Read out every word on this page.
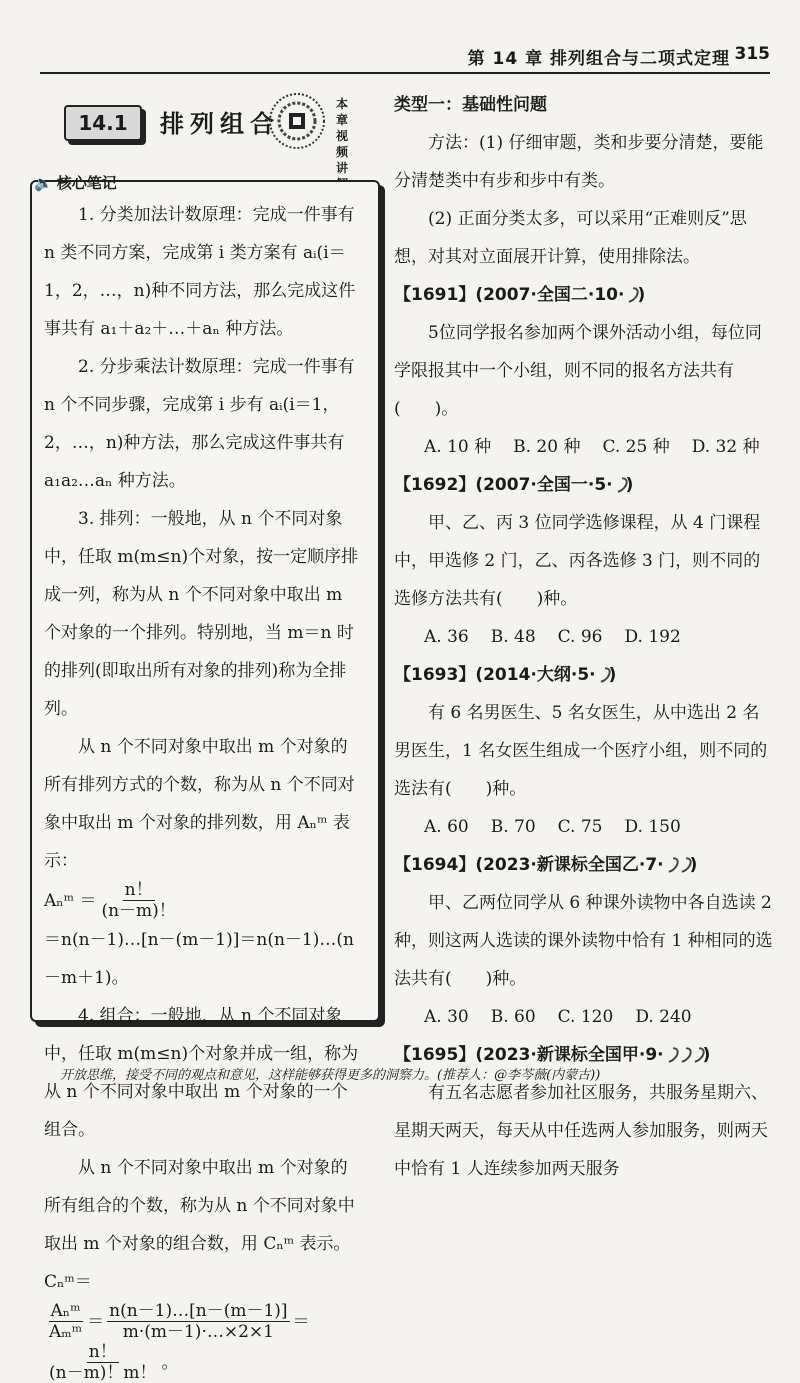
第 14 章 排列组合与二项式定理 315
14.1	排列组合
本章
视频
讲
🔈 核心笔记

1. 分类加法计数原理：完成一件事有 n 类不同方案，完成第 i 类方案有 aᵢ(i＝1，2，…，n)种不同方法，那么完成这件事共有 a₁＋a₂＋…＋aₙ 种方法。

2. 分步乘法计数原理：完成一件事有 n 个不同步骤，完成第 i 步有 aᵢ(i＝1，2，…，n)种方法，那么完成这件事共有 a₁a₂…aₙ 种方法。

3. 排列：一般地，从 n 个不同对象中，任取 m(m≤n)个对象，按一定顺序排成一列，称为从 n 个不同对象中取出 m 个对象的一个排列。特别地，当 m＝n 时的排列(即取出所有对象的排列)称为全排列。

从 n 个不同对象中取出 m 个对象的所有排列方式的个数，称为从 n 个不同对象中取出 m 个对象的排列数，用 Aₙᵐ 表示：

Aₙᵐ ＝ $\frac{n!}{(n-m)!}$
＝n(n－1)…[n－(m－1)]＝n(n－1)…(n－m＋1)。

4. 组合：一般地，从 n 个不同对象中，任取 m(m≤n)个对象并成一组，称为从 n 个不同对象中取出 m 个对象的一个组合。

从 n 个不同对象中取出 m 个对象的所有组合的个数，称为从 n 个不同对象中取出 m 个对象的组合数，用 Cₙᵐ 表示。Cₙᵐ＝

$\frac{\text{Aₙᵐ}}{\text{Aₘᵐ}} = \frac{n(n-1)\dots[n-(m-1)]}{m\cdot(m-1)\cdot\dots\times 2\times 1}$ ＝
$\frac{n!}{(n-m)!m!}$ 。

类型一：基础性问题

方法：(1) 仔细审题，类和步要分清楚，要能分清楚类中有步和步中有类。

(2) 正面分类太多，可以采用“正难则反”思想，对其对立面展开计算，使用排除法。

【1691】(2007·全国二·10· )

5位同学报名参加两个课外活动小组，每位同学限报其中一个小组，则不同的报名方法共有(　　)。

A. 10 种 B. 20 种 C. 25 种 D. 32 种

【1692】(2007·全国一·5· )

甲、乙、丙 3 位同学选修课程，从 4 门课程中，甲选修 2 门，乙、丙各选修 3 门，则不同的选修方法共有(　　)种。

A. 36 B. 48 C. 96 D. 192

【1693】(2014·大纲·5· )

有 6 名男医生、5 名女医生，从中选出 2 名男医生，1 名女医生组成一个医疗小组，则不同的选法有(　　)种。

A. 60 B. 70 C. 75 D. 150

【1694】(2023·新课标全国乙·7· )

甲、乙两位同学从 6 种课外读物中各自选读 2 种，则这两人选读的课外读物中恰有 1 种相同的选法共有(　　)种。

A. 30 B. 60 C. 120 D. 240

【1695】(2023·新课标全国甲·9· )

有五名志愿者参加社区服务，共服务星期六、星期天两天，每天从中任选两人参加服务，则两天中恰有 1 人连续参加两天服务

开放思维，接受不同的观点和意见，这样能够获得更多的洞察力。(推荐人：@李芩薇(内蒙古))
